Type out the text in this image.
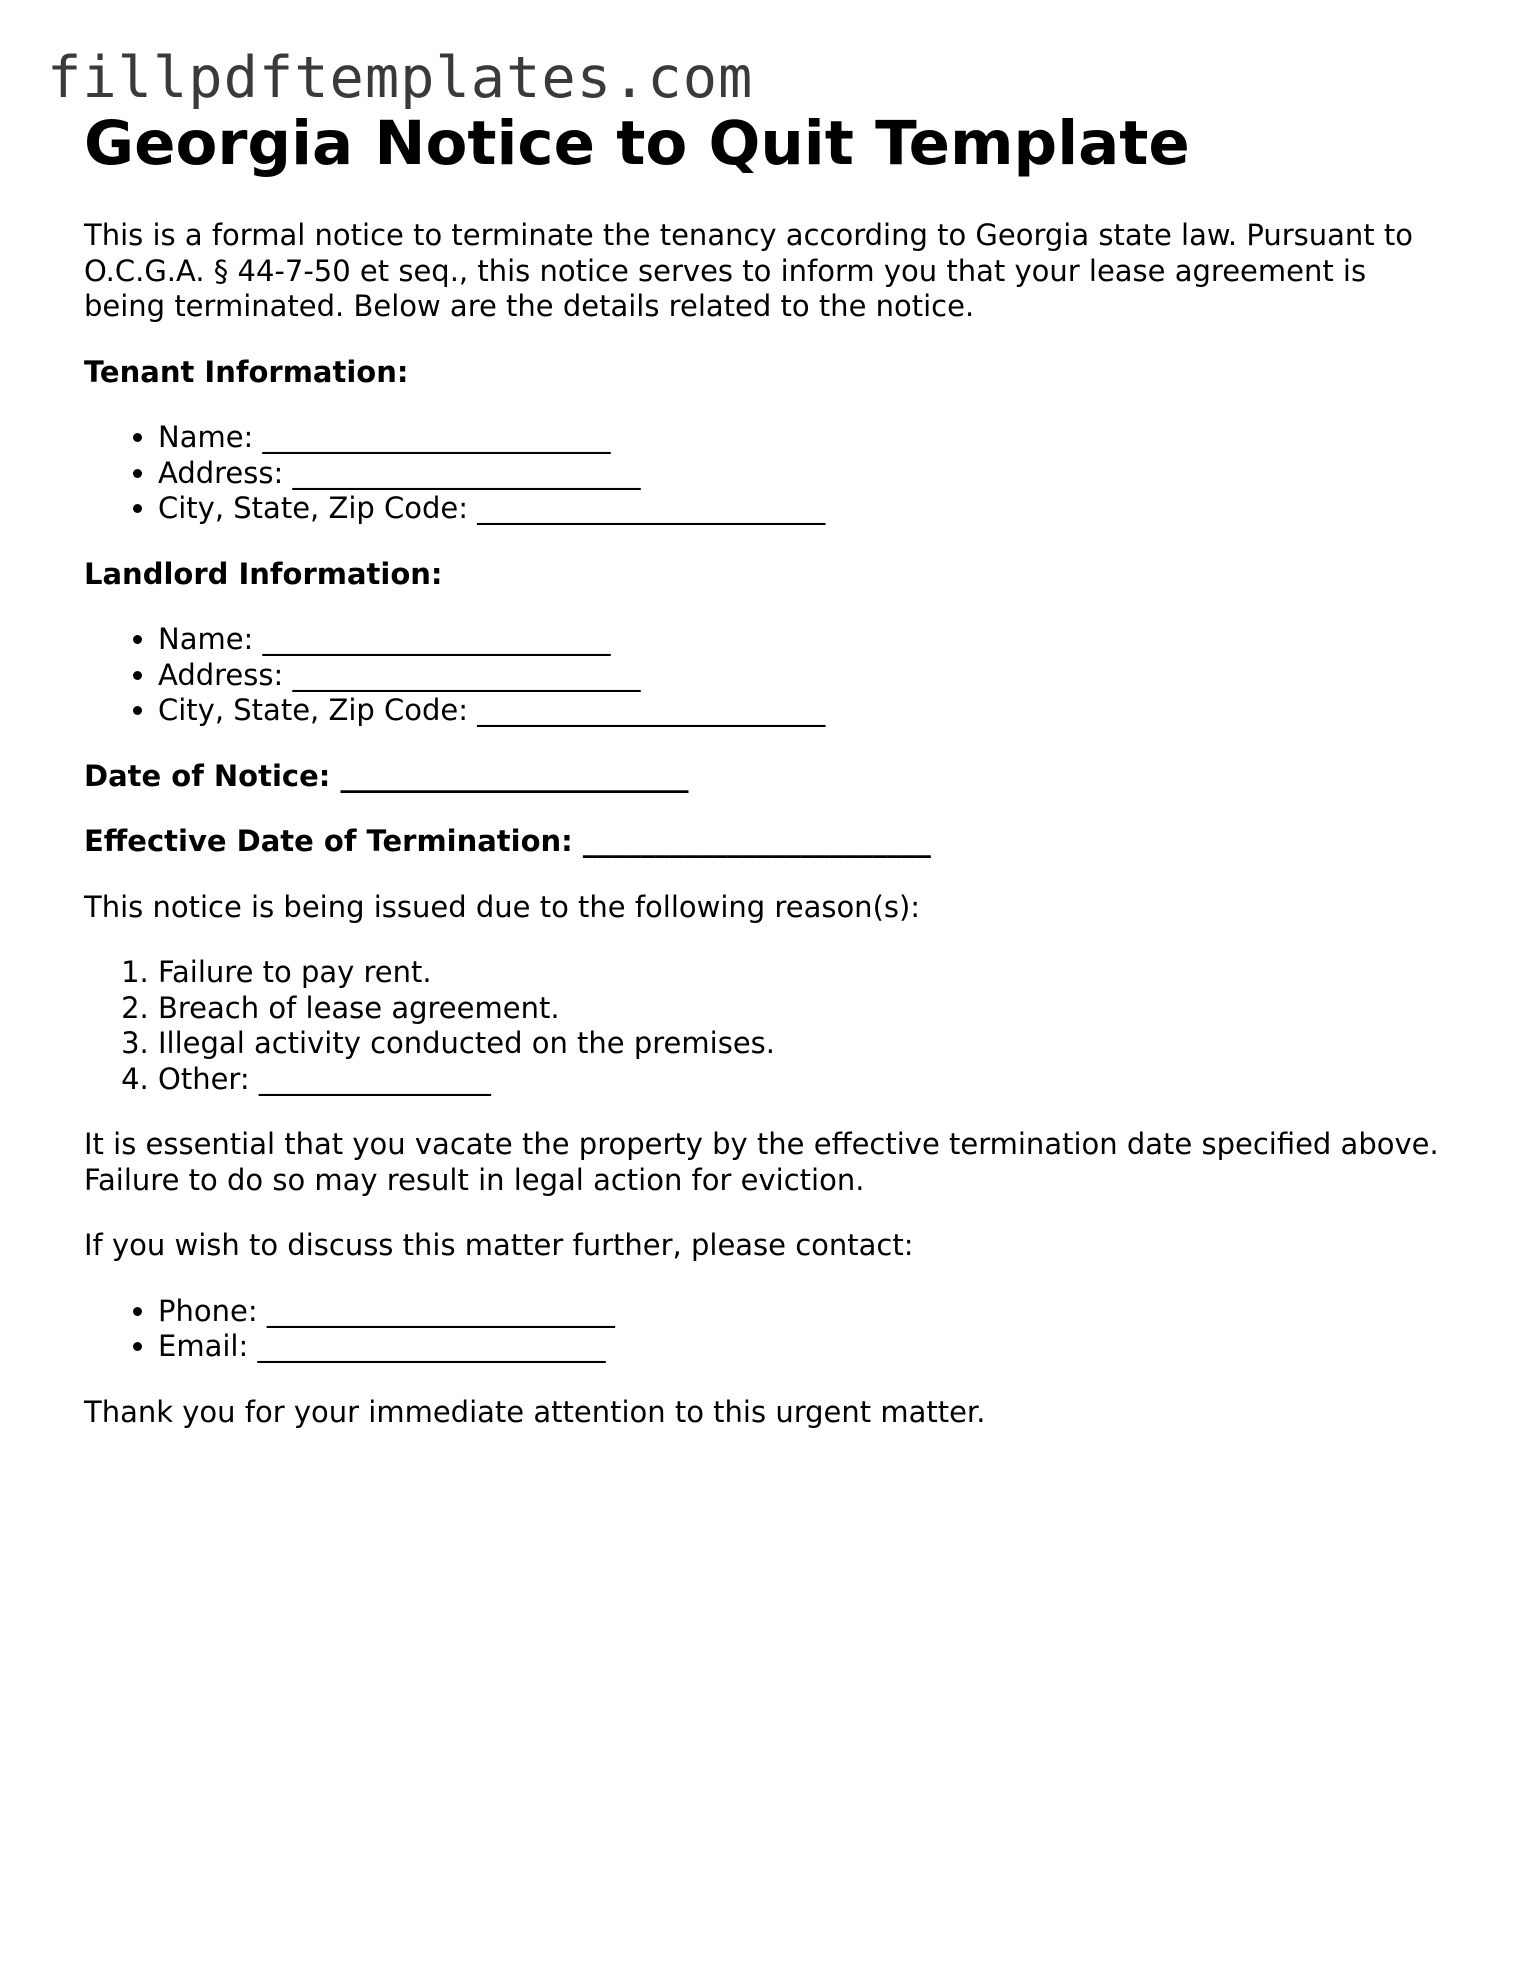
fillpdftemplates.com
Georgia Notice to Quit Template

This is a formal notice to terminate the tenancy according to Georgia state law. Pursuant to O.C.G.A. § 44-7-50 et seq., this notice serves to inform you that your lease agreement is being terminated. Below are the details related to the notice.

Tenant Information:

• Name: ________________________
• Address: ________________________
• City, State, Zip Code: ________________________

Landlord Information:

• Name: ________________________
• Address: ________________________
• City, State, Zip Code: ________________________

Date of Notice: ________________________

Effective Date of Termination: ________________________

This notice is being issued due to the following reason(s):

1. Failure to pay rent.
2. Breach of lease agreement.
3. Illegal activity conducted on the premises.
4. Other: ________________

It is essential that you vacate the property by the effective termination date specified above. Failure to do so may result in legal action for eviction.

If you wish to discuss this matter further, please contact:

• Phone: ________________________
• Email: ________________________

Thank you for your immediate attention to this urgent matter.
